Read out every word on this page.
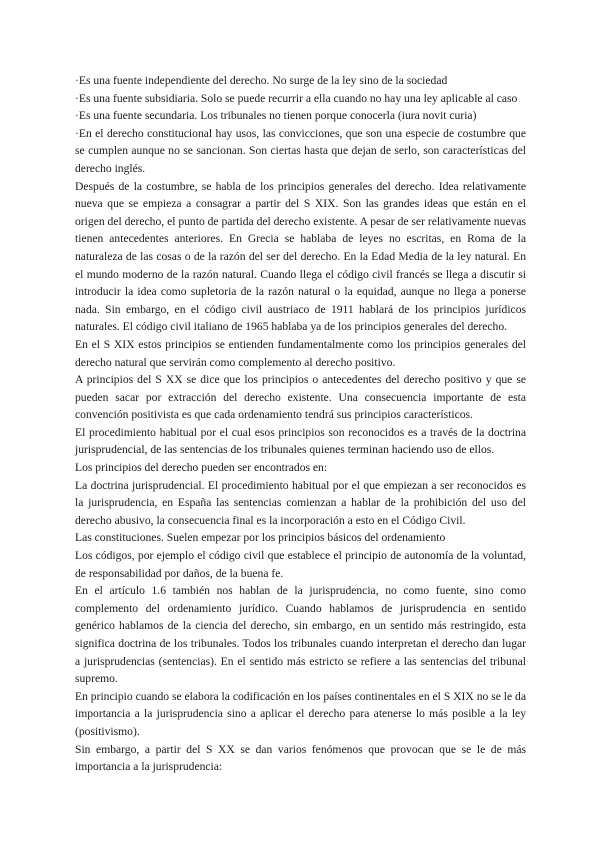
·Es una fuente independiente del derecho. No surge de la ley sino de la sociedad

·Es una fuente subsidiaria. Solo se puede recurrir a ella cuando no hay una ley aplicable al caso

·Es una fuente secundaria. Los tribunales no tienen porque conocerla (iura novit curia)

·En el derecho constitucional hay usos, las convicciones, que son una especie de costumbre que se cumplen aunque no se sancionan. Son ciertas hasta que dejan de serlo, son características del derecho inglés.

Después de la costumbre, se habla de los principios generales del derecho. Idea relativamente nueva que se empieza a consagrar a partir del S XIX. Son las grandes ideas que están en el origen del derecho, el punto de partida del derecho existente. A pesar de ser relativamente nuevas tienen antecedentes anteriores. En Grecia se hablaba de leyes no escritas, en Roma de la naturaleza de las cosas o de la razón del ser del derecho. En la Edad Media de la ley natural. En el mundo moderno de la razón natural. Cuando llega el código civil francés se llega a discutir si introducir la idea como supletoria de la razón natural o la equidad, aunque no llega a ponerse nada. Sin embargo, en el código civil austriaco de 1911 hablará de los principios jurídicos naturales. El código civil italiano de 1965 hablaba ya de los principios generales del derecho.

En el S XIX estos principios se entienden fundamentalmente como los principios generales del derecho natural que servirán como complemento al derecho positivo.

A principios del S XX se dice que los principios o antecedentes del derecho positivo y que se pueden sacar por extracción del derecho existente. Una consecuencia importante de esta convención positivista es que cada ordenamiento tendrá sus principios característicos.

El procedimiento habitual por el cual esos principios son reconocidos es a través de la doctrina jurisprudencial, de las sentencias de los tribunales quienes terminan haciendo uso de ellos.

Los principios del derecho pueden ser encontrados en:

La doctrina jurisprudencial. El procedimiento habitual por el que empiezan a ser reconocidos es la jurisprudencia, en España las sentencias comienzan a hablar de la prohibición del uso del derecho abusivo, la consecuencia final es la incorporación a esto en el Código Civil.

Las constituciones. Suelen empezar por los principios básicos del ordenamiento

Los códigos, por ejemplo el código civil que establece el principio de autonomía de la voluntad, de responsabilidad por daños, de la buena fe.

En el artículo 1.6 también nos hablan de la jurisprudencia, no como fuente, sino como complemento del ordenamiento jurídico. Cuando hablamos de jurisprudencia en sentido genérico hablamos de la ciencia del derecho, sin embargo, en un sentido más restringido, esta significa doctrina de los tribunales. Todos los tribunales cuando interpretan el derecho dan lugar a jurisprudencias (sentencias). En el sentido más estricto se refiere a las sentencias del tribunal supremo.

En principio cuando se elabora la codificación en los países continentales en el S XIX no se le da importancia a la jurisprudencia sino a aplicar el derecho para atenerse lo más posible a la ley (positivismo).

Sin embargo, a partir del S XX se dan varios fenómenos que provocan que se le de más importancia a la jurisprudencia:
